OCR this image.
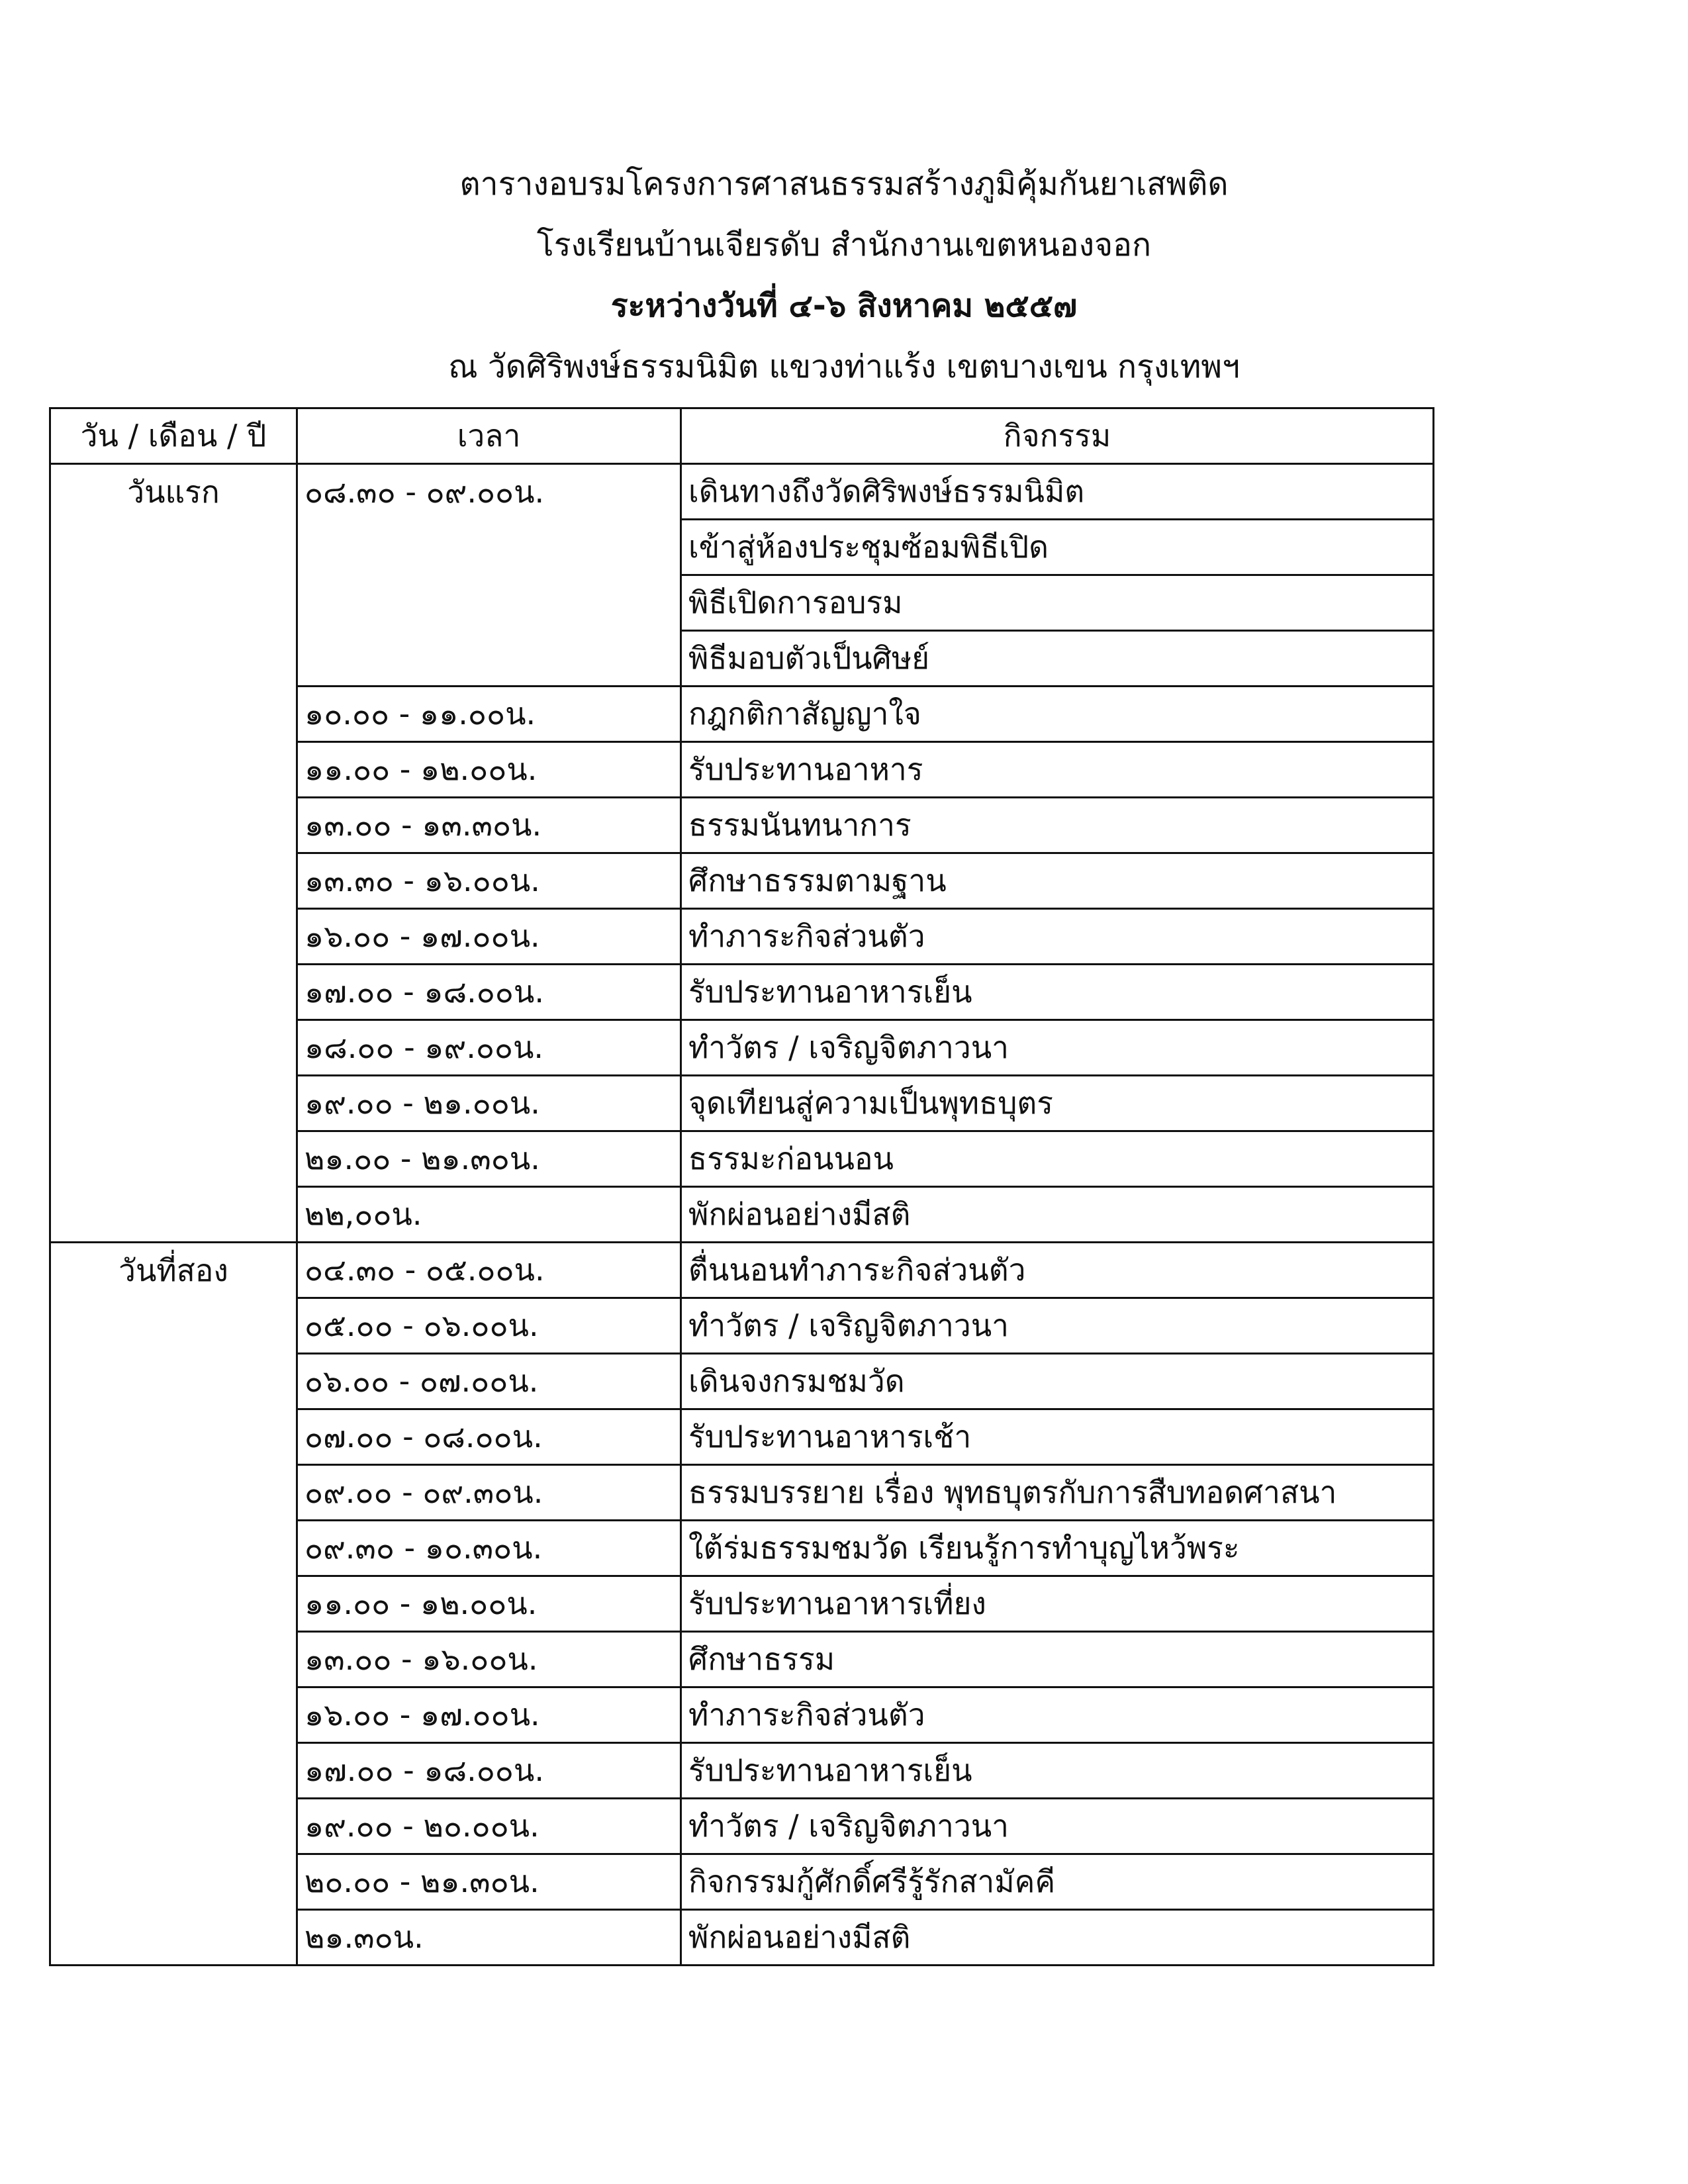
ตารางอบรมโครงการศาสนธรรมสร้างภูมิคุ้มกันยาเสพติด
โรงเรียนบ้านเจียรดับ สำนักงานเขตหนองจอก
ระหว่างวันที่ ๔-๖ สิงหาคม ๒๕๕๗
ณ วัดศิริพงษ์ธรรมนิมิต แขวงท่าแร้ง เขตบางเขน กรุงเทพฯ
วัน / เดือน / ปี	เวลา	กิจกรรม
วันแรก	๐๘.๓๐ - ๐๙.๐๐น.	เดินทางถึงวัดศิริพงษ์ธรรมนิมิต
		เข้าสู่ห้องประชุมซ้อมพิธีเปิด
		พิธีเปิดการอบรม
		พิธีมอบตัวเป็นศิษย์
	๑๐.๐๐ - ๑๑.๐๐น.	กฎกติกาสัญญาใจ
	๑๑.๐๐ - ๑๒.๐๐น.	รับประทานอาหาร
	๑๓.๐๐ - ๑๓.๓๐น.	ธรรมนันทนาการ
	๑๓.๓๐ - ๑๖.๐๐น.	ศึกษาธรรมตามฐาน
	๑๖.๐๐ - ๑๗.๐๐น.	ทำภาระกิจส่วนตัว
	๑๗.๐๐ - ๑๘.๐๐น.	รับประทานอาหารเย็น
	๑๘.๐๐ - ๑๙.๐๐น.	ทำวัตร / เจริญจิตภาวนา
	๑๙.๐๐ - ๒๑.๐๐น.	จุดเทียนสู่ความเป็นพุทธบุตร
	๒๑.๐๐ - ๒๑.๓๐น.	ธรรมะก่อนนอน
	๒๒,๐๐น.	พักผ่อนอย่างมีสติ
วันที่สอง	๐๔.๓๐ - ๐๕.๐๐น.	ตื่นนอนทำภาระกิจส่วนตัว
	๐๕.๐๐ - ๐๖.๐๐น.	ทำวัตร / เจริญจิตภาวนา
	๐๖.๐๐ - ๐๗.๐๐น.	เดินจงกรมชมวัด
	๐๗.๐๐ - ๐๘.๐๐น.	รับประทานอาหารเช้า
	๐๙.๐๐ - ๐๙.๓๐น.	ธรรมบรรยาย เรื่อง พุทธบุตรกับการสืบทอดศาสนา
	๐๙.๓๐ - ๑๐.๓๐น.	ใต้ร่มธรรมชมวัด เรียนรู้การทำบุญไหว้พระ
	๑๑.๐๐ - ๑๒.๐๐น.	รับประทานอาหารเที่ยง
	๑๓.๐๐ - ๑๖.๐๐น.	ศึกษาธรรม
	๑๖.๐๐ - ๑๗.๐๐น.	ทำภาระกิจส่วนตัว
	๑๗.๐๐ - ๑๘.๐๐น.	รับประทานอาหารเย็น
	๑๙.๐๐ - ๒๐.๐๐น.	ทำวัตร / เจริญจิตภาวนา
	๒๐.๐๐ - ๒๑.๓๐น.	กิจกรรมกู้ศักดิ์ศรีรู้รักสามัคคี
	๒๑.๓๐น.	พักผ่อนอย่างมีสติ
